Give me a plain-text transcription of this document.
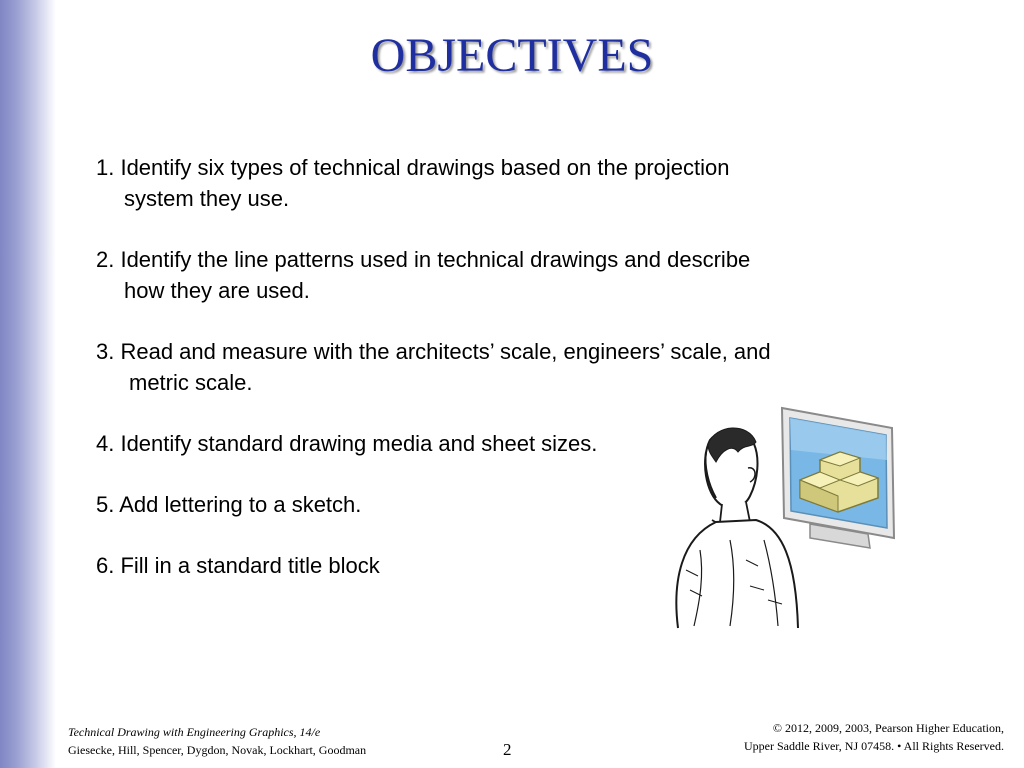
OBJECTIVES
1. Identify six types of technical drawings based on the projection
system they use.
2. Identify the line patterns used in technical drawings and describe
how they are used.
3. Read and measure with the architects’ scale, engineers’ scale, and
metric scale.
4. Identify standard drawing media and sheet sizes.
5. Add lettering to a sketch.
6. Fill in a standard title block
Technical Drawing with Engineering Graphics, 14/e
Giesecke, Hill, Spencer, Dygdon, Novak, Lockhart, Goodman	2
© 2012, 2009, 2003, Pearson Higher Education,
Upper Saddle River, NJ 07458. • All Rights Reserved.
